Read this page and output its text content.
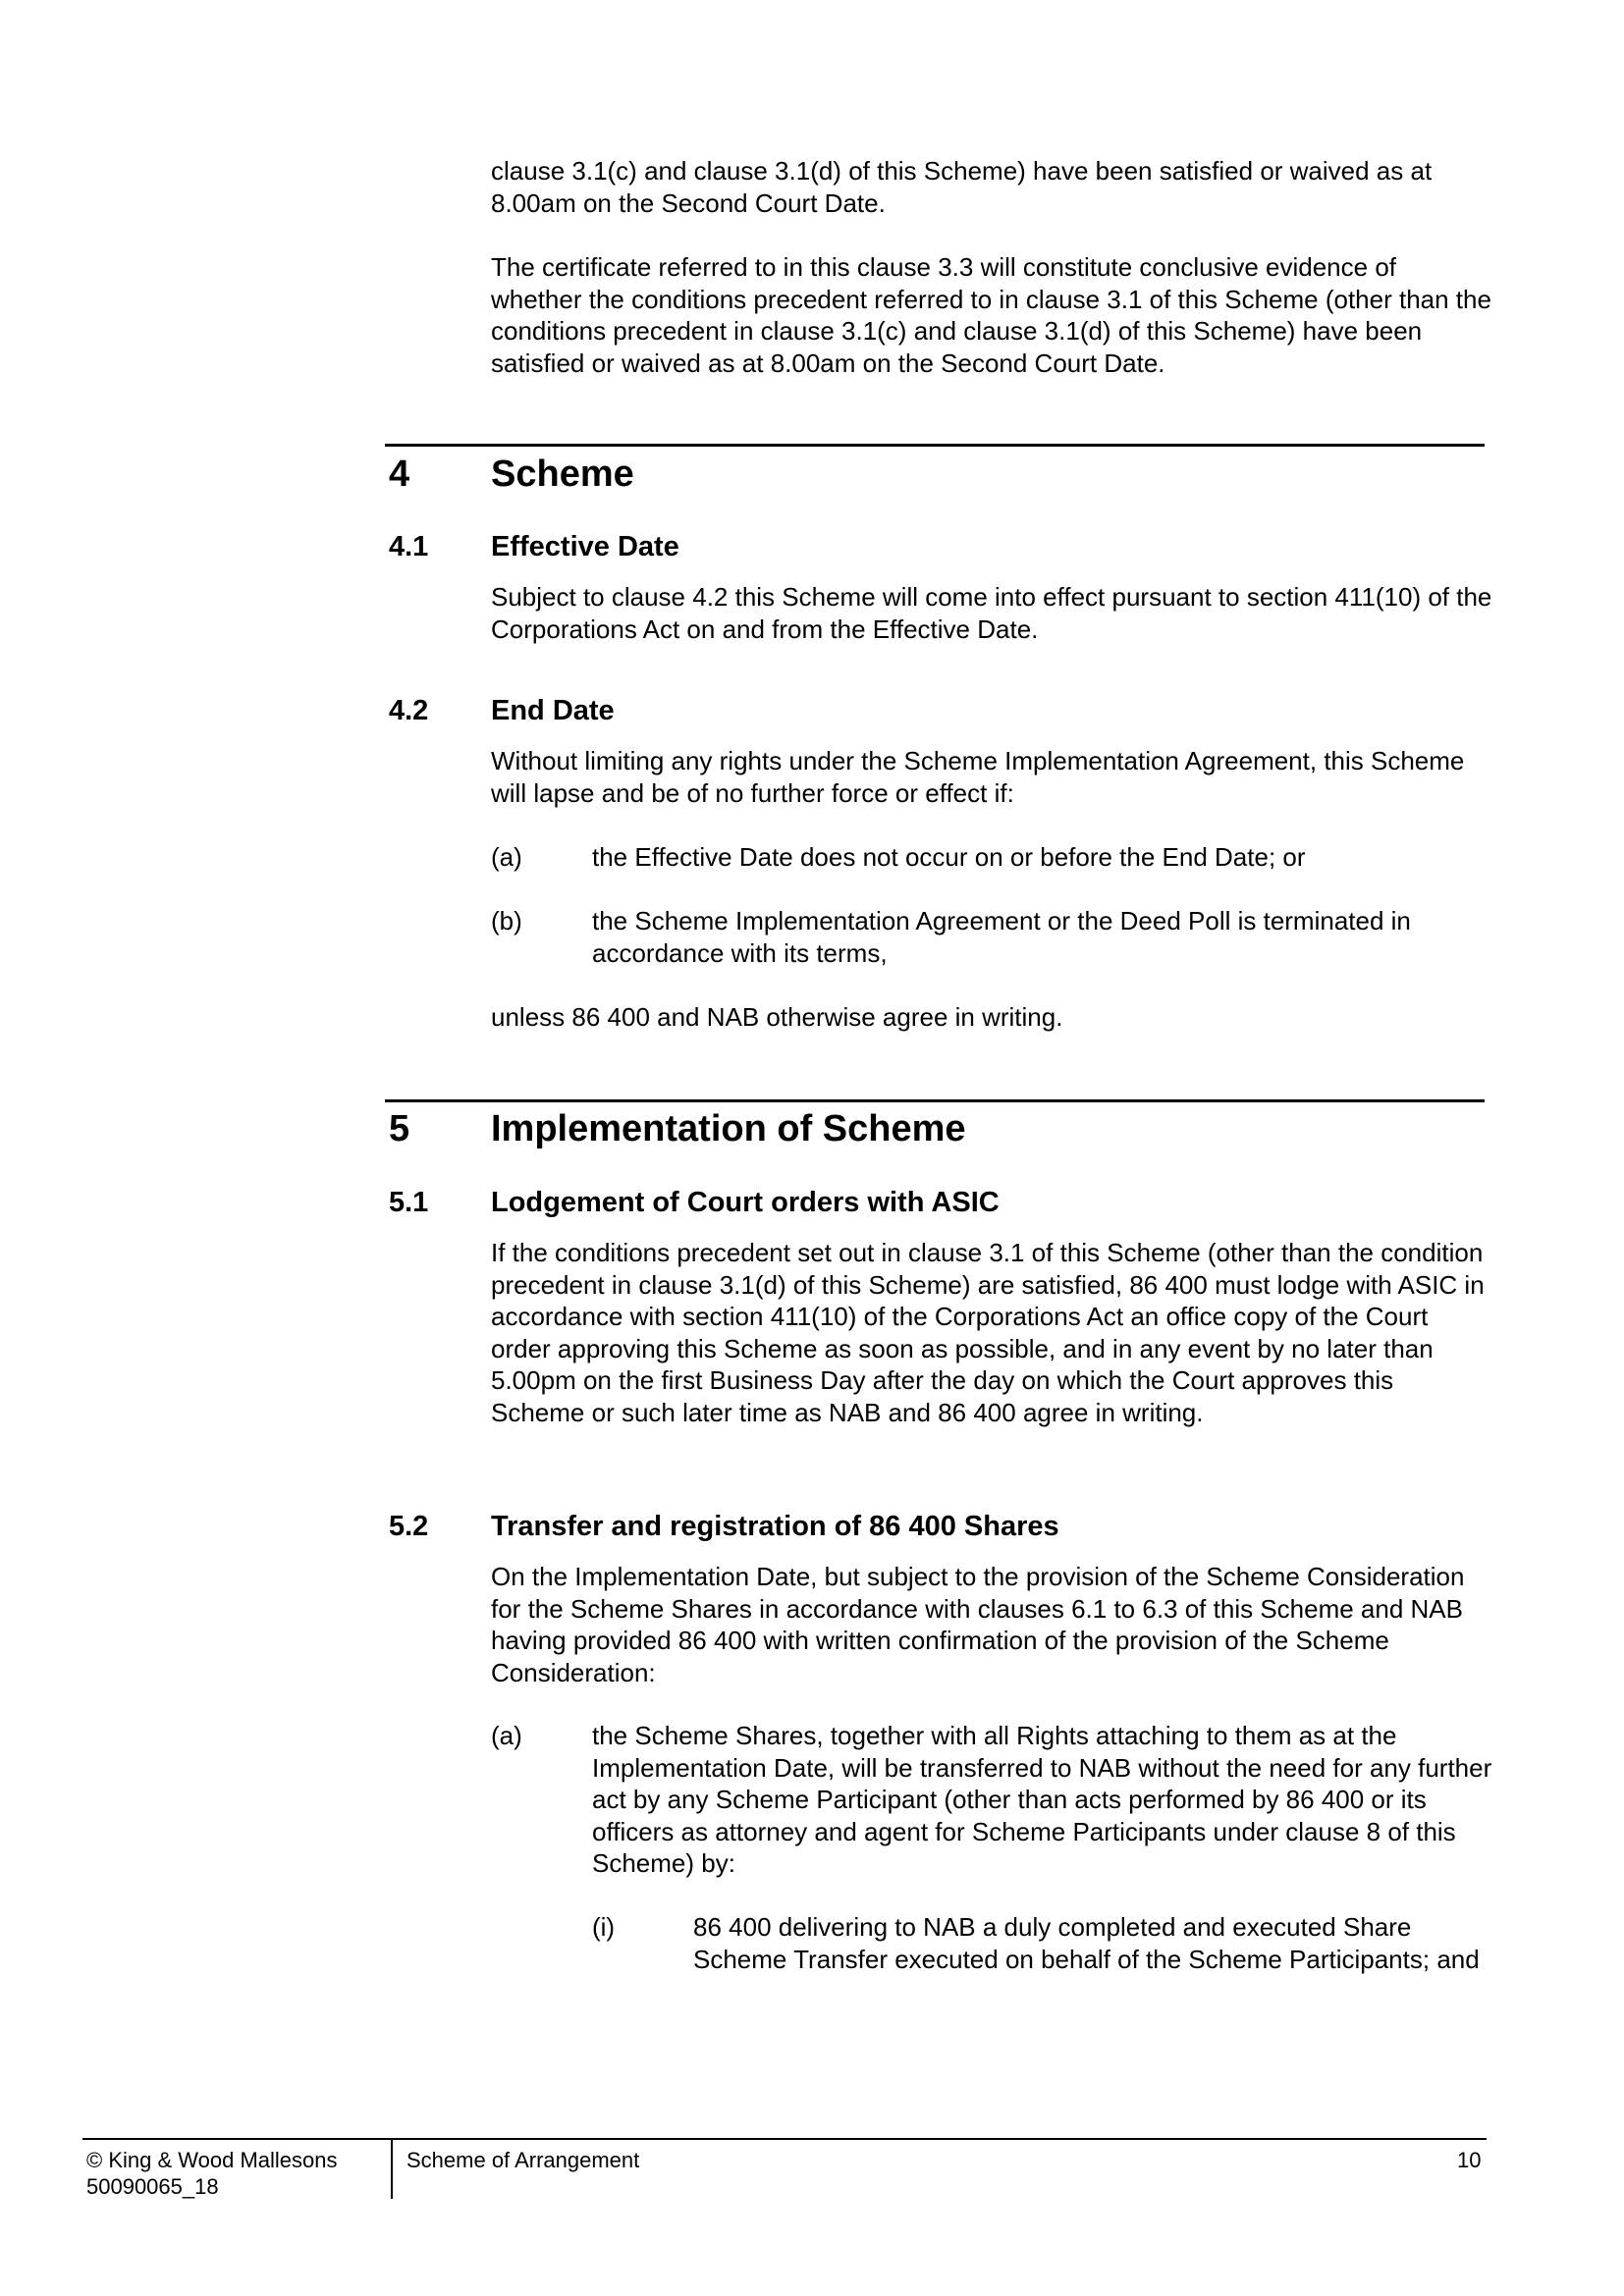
clause 3.1(c) and clause 3.1(d) of this Scheme) have been satisfied or waived as at 8.00am on the Second Court Date.

The certificate referred to in this clause 3.3 will constitute conclusive evidence of whether the conditions precedent referred to in clause 3.1 of this Scheme (other than the conditions precedent in clause 3.1(c) and clause 3.1(d) of this Scheme) have been satisfied or waived as at 8.00am on the Second Court Date.

4 Scheme

4.1 Effective Date

Subject to clause 4.2 this Scheme will come into effect pursuant to section 411(10) of the Corporations Act on and from the Effective Date.

4.2 End Date

Without limiting any rights under the Scheme Implementation Agreement, this Scheme will lapse and be of no further force or effect if:

(a)	the Effective Date does not occur on or before the End Date; or

(b)	the Scheme Implementation Agreement or the Deed Poll is terminated in accordance with its terms,

unless 86 400 and NAB otherwise agree in writing.

5 Implementation of Scheme

5.1 Lodgement of Court orders with ASIC

If the conditions precedent set out in clause 3.1 of this Scheme (other than the condition precedent in clause 3.1(d) of this Scheme) are satisfied, 86 400 must lodge with ASIC in accordance with section 411(10) of the Corporations Act an office copy of the Court order approving this Scheme as soon as possible, and in any event by no later than 5.00pm on the first Business Day after the day on which the Court approves this Scheme or such later time as NAB and 86 400 agree in writing.

5.2 Transfer and registration of 86 400 Shares

On the Implementation Date, but subject to the provision of the Scheme Consideration for the Scheme Shares in accordance with clauses 6.1 to 6.3 of this Scheme and NAB having provided 86 400 with written confirmation of the provision of the Scheme Consideration:

(a)	the Scheme Shares, together with all Rights attaching to them as at the Implementation Date, will be transferred to NAB without the need for any further act by any Scheme Participant (other than acts performed by 86 400 or its officers as attorney and agent for Scheme Participants under clause 8 of this Scheme) by:

(i)	86 400 delivering to NAB a duly completed and executed Share Scheme Transfer executed on behalf of the Scheme Participants; and

© King & Wood Mallesons

50090065_18

Scheme of Arrangement	10
